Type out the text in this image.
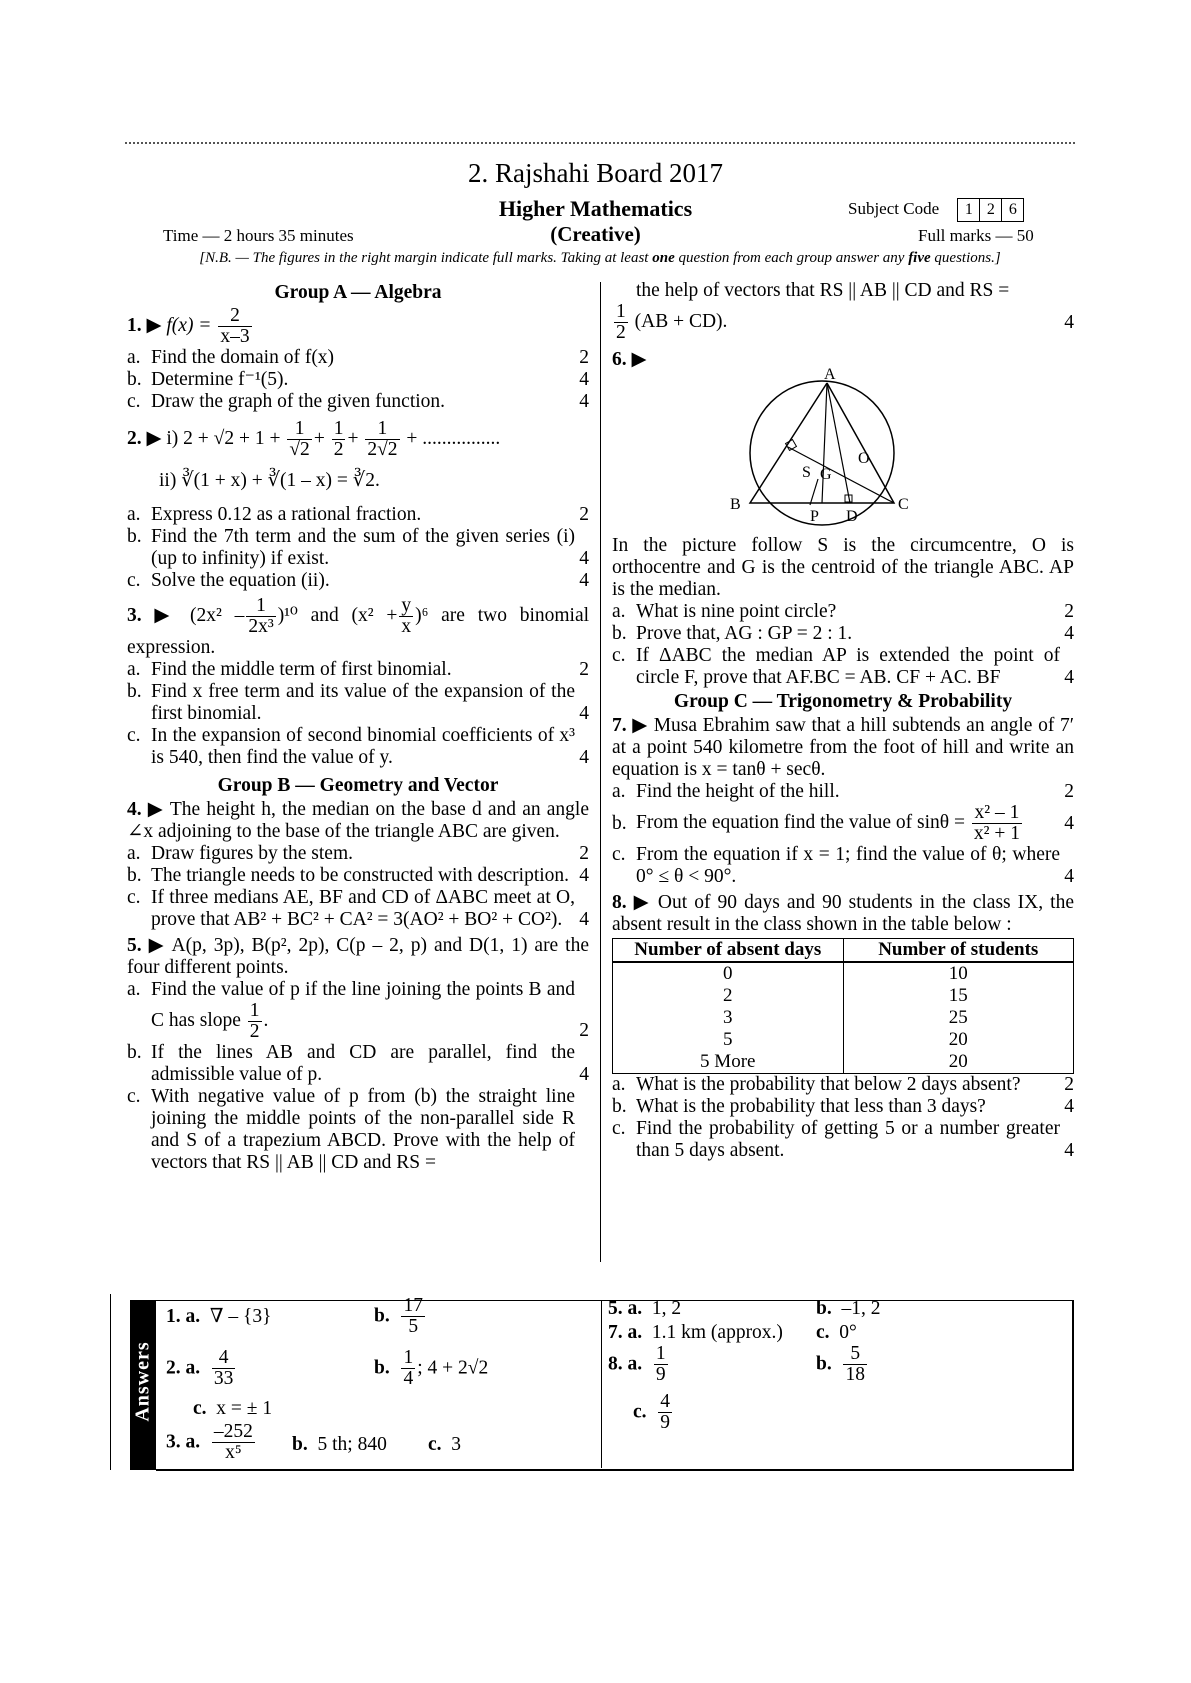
2. Rajshahi Board 2017
Higher Mathematics
(Creative)
Subject Code	1 2 6
Time — 2 hours 35 minutes	Full marks — 50
[N.B. — The figures in the right margin indicate full marks. Taking at least one question from each group answer any five questions.]
Group A — Algebra
1. ▶ $f(x) = \frac{2}{x-3}$
a. Find the domain of f(x)	2
b. Determine f⁻¹(5).	4
c. Draw the graph of the given function.	4
2. ▶ i) $2 + √2 + 1 + \frac{1}{√2} + \frac{1}{2} + \frac{1}{2√2}$ + ................
ii) ∛(1 + x) + ∛(1 – x) = ∛2.
a. Express 0.12 as a rational fraction.	2
b. Find the 7th term and the sum of the given series (i) (up to infinity) if exist.	4
c. Solve the equation (ii).	4
3. ▶ $(2x^2 - \frac{1}{\text{2x³}} )^{10}$ and $(x^2 + \frac{y}{x} )^6$ are two binomial expression.
a. Find the middle term of first binomial.	2
b. Find x free term and its value of the expansion of the first binomial.	4
c. In the expansion of second binomial coefficients of x³ is 540, then find the value of y.	4
Group B — Geometry and Vector
4. ▶ The height h, the median on the base d and an angle ∠x adjoining to the base of the triangle ABC are given.
a. Draw figures by the stem.	2
b. The triangle needs to be constructed with description. 4
c. If three medians AE, BF and CD of ΔABC meet at O, prove that AB² + BC² + CA² = 3(AO² + BO² + CO²). 4
5. ▶ A(p, 3p), B(p², 2p), C(p – 2, p) and D(1, 1) are the four different points.
a. Find the value of p if the line joining the points B and C has slope $\frac{1}{2}$ .	2
b. If the lines AB and CD are parallel, find the admissible value of p.	4
c. With negative value of p from (b) the straight line joining the middle points of the non-parallel side R and S of a trapezium ABCD. Prove with the help of vectors that RS || AB || CD and RS =
the help of vectors that RS || AB || CD and RS =
$\frac{1}{2} (AB + CD)$.	4
6. ▶
A
B	C
D
P
S G
O
In the picture follow S is the circumcentre, O is orthocentre and G is the centroid of the triangle ABC. AP is the median.
a. What is nine point circle?	2
b. Prove that, AG : GP = 2 : 1.	4
c. If ΔABC the median AP is extended the point of circle F, prove that AF.BC = AB. CF + AC. BF	4
Group C — Trigonometry & Probability
7. ▶ Musa Ebrahim saw that a hill subtends an angle of 7′ at a point 540 kilometre from the foot of hill and write an equation is x = tanθ + secθ.
a. Find the height of the hill.	2
b. From the equation find the value of $\sin\theta = \frac{\text{x² – 1}}{\text{x² + 1}} 4$
c. From the equation if x = 1; find the value of θ; where 0° ≤ θ < 90°.	4
8. ▶ Out of 90 days and 90 students in the class IX, the absent result in the class shown in the table below :
Number of absent days	Number of students
0	10
2	15
3	25
5	20
5 More	20
a. What is the probability that below 2 days absent?	2
b. What is the probability that less than 3 days?	4
c. Find the probability of getting 5 or a number greater than 5 days absent.	4
Answers
1. a. ∇ – {3}	b. $\frac{17}{5}$
2. a. $\frac{4}{33}$	b. $\frac{1}{4}$ ; 4 + 2√2
c. x = ± 1
3. a. $\frac{-252}{\text{x⁵}} b$. 5 th; 840 c. 3
5. a. 1, 2	b. –1, 2
7. a. 1.1 km (approx.) c. 0°
8. a. $\frac{1}{9}$	b. $\frac{5}{18}$
c. $\frac{4}{9}$
